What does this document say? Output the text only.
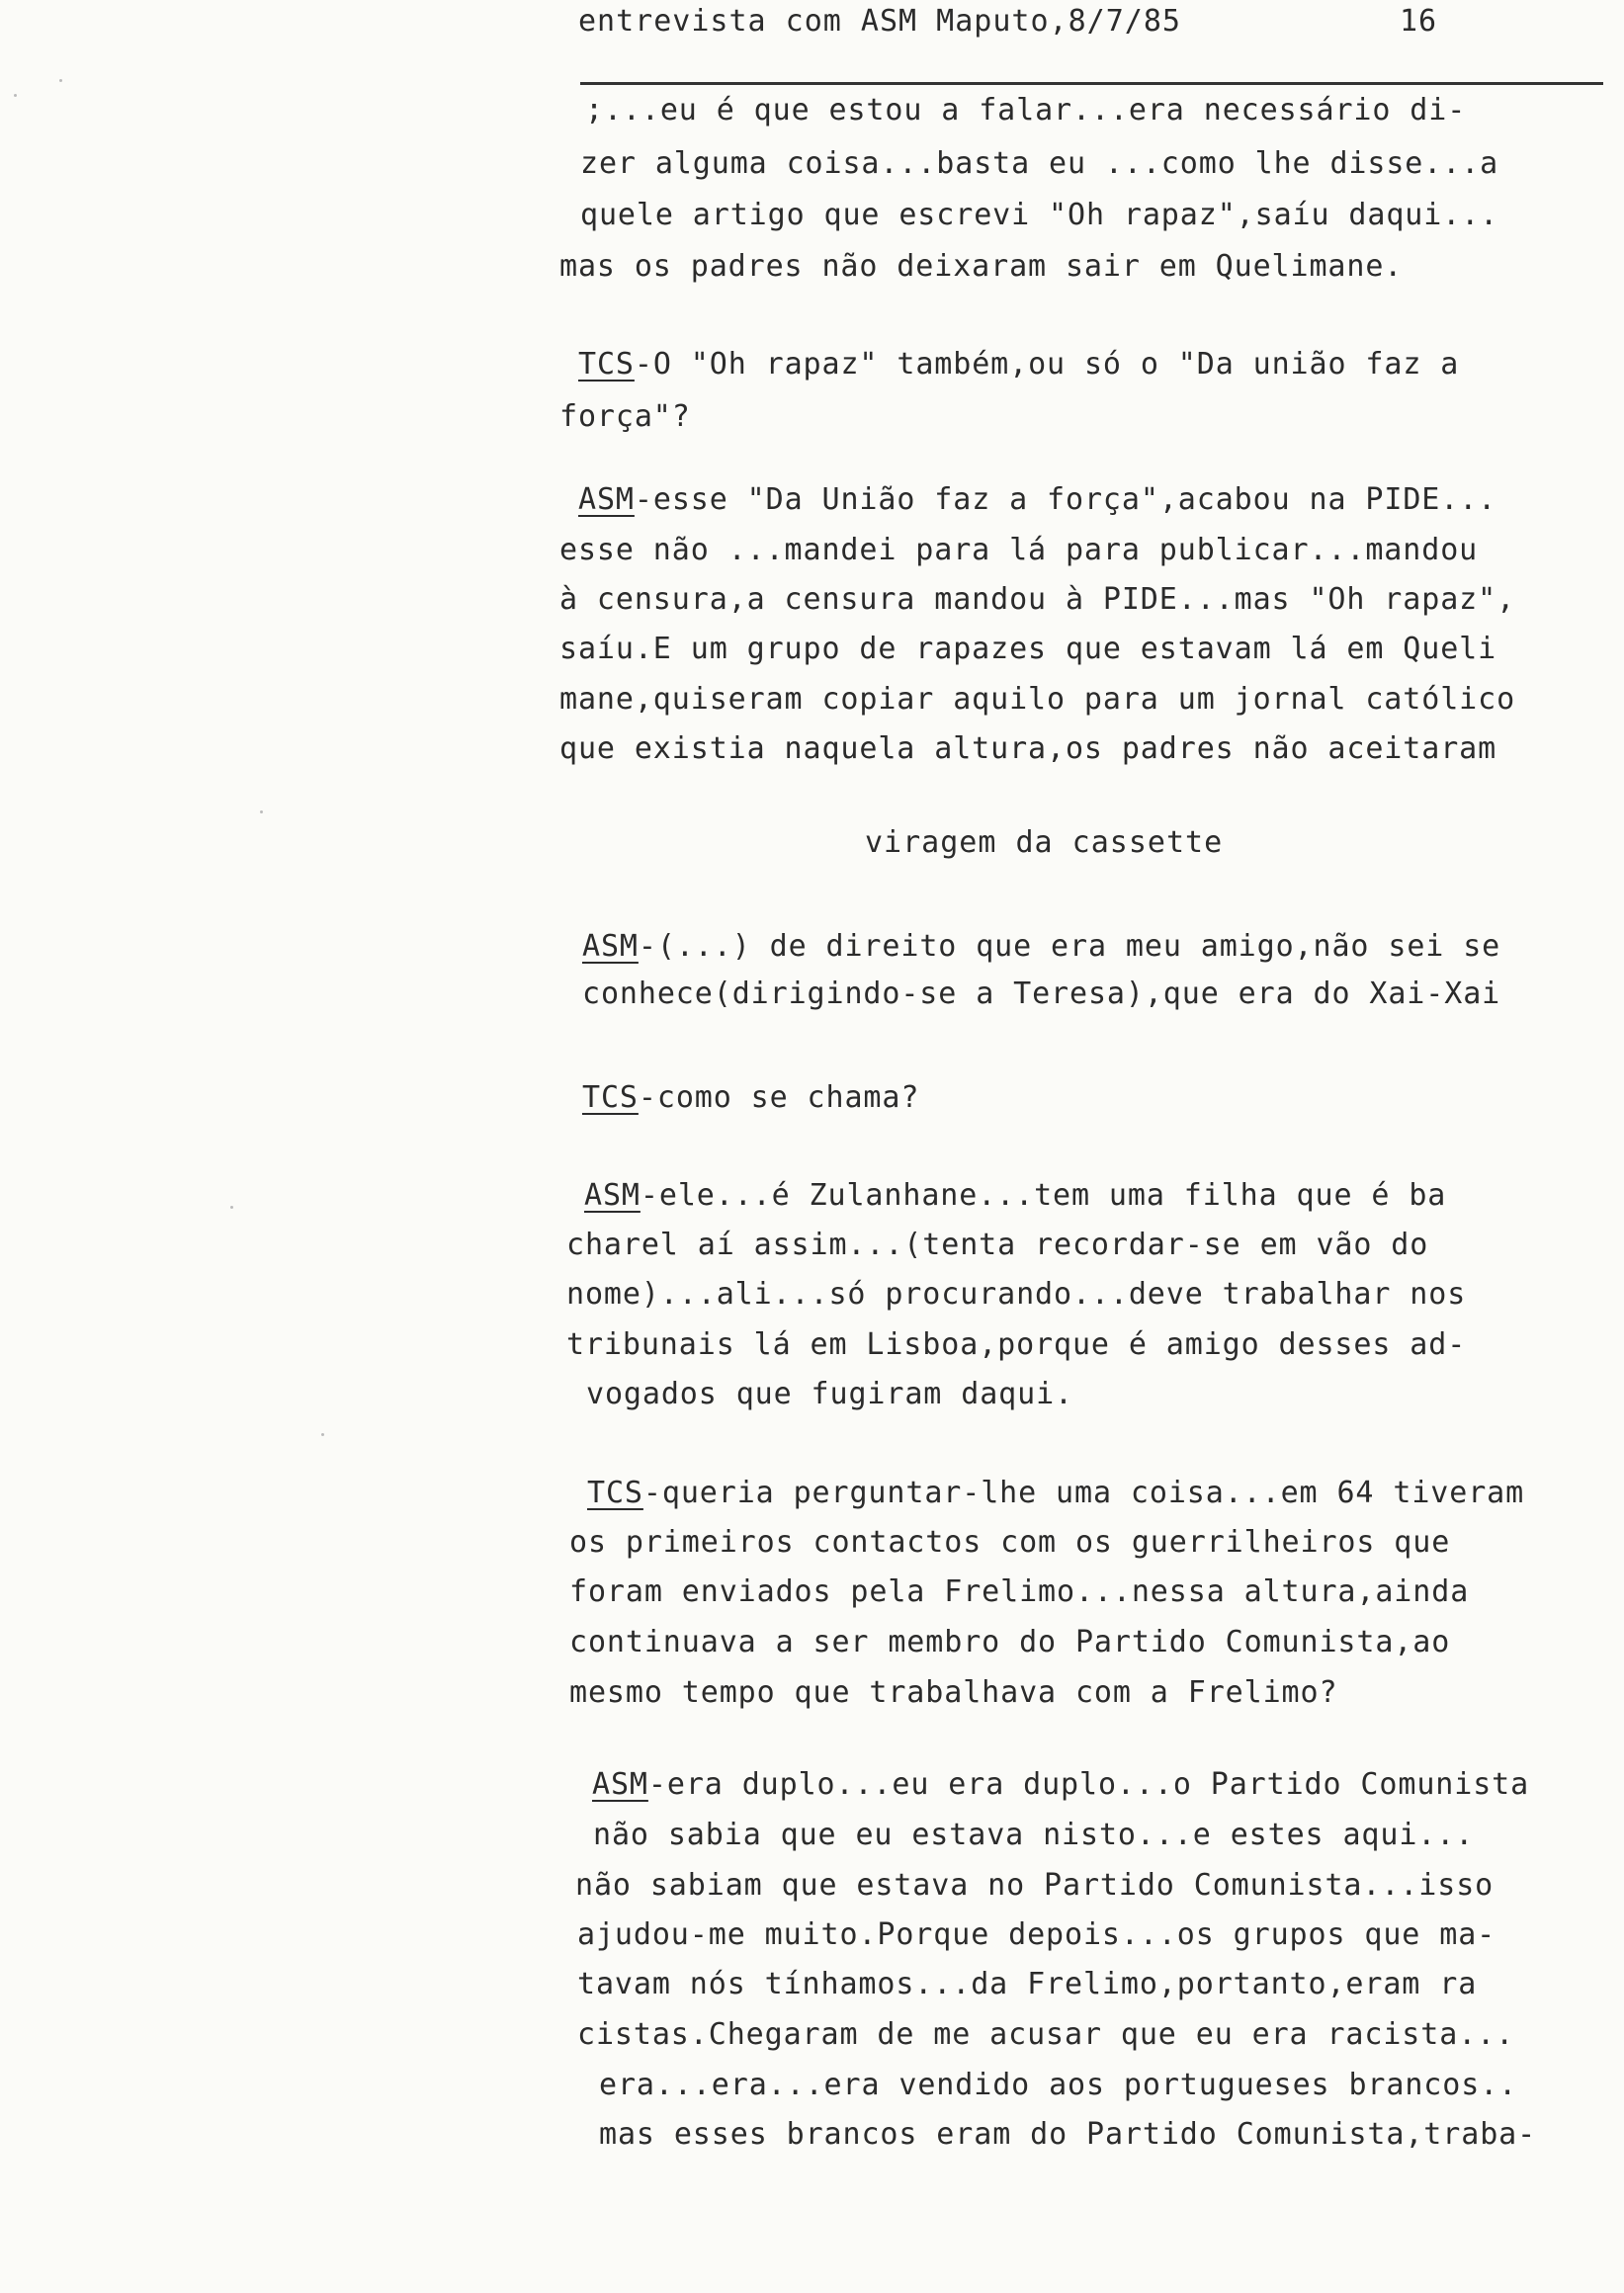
entrevista com ASM Maputo,8/7/85	16
;...eu é que estou a falar...era necessário di-
zer alguma coisa...basta eu ...como lhe disse...a
quele artigo que escrevi "Oh rapaz",saíu daqui...
mas os padres não deixaram sair em Quelimane.
TCS-O "Oh rapaz" também,ou só o "Da união faz a
força"?
ASM-esse "Da União faz a força",acabou na PIDE...
esse não ...mandei para lá para publicar...mandou
à censura,a censura mandou à PIDE...mas "Oh rapaz",
saíu.E um grupo de rapazes que estavam lá em Queli
mane,quiseram copiar aquilo para um jornal católico
que existia naquela altura,os padres não aceitaram
viragem da cassette
ASM-(...) de direito que era meu amigo,não sei se
conhece(dirigindo-se a Teresa),que era do Xai-Xai
TCS-como se chama?
ASM-ele...é Zulanhane...tem uma filha que é ba
charel aí assim...(tenta recordar-se em vão do
nome)...ali...só procurando...deve trabalhar nos
tribunais lá em Lisboa,porque é amigo desses ad-
vogados que fugiram daqui.
TCS-queria perguntar-lhe uma coisa...em 64 tiveram
os primeiros contactos com os guerrilheiros que
foram enviados pela Frelimo...nessa altura,ainda
continuava a ser membro do Partido Comunista,ao
mesmo tempo que trabalhava com a Frelimo?
ASM-era duplo...eu era duplo...o Partido Comunista
não sabia que eu estava nisto...e estes aqui...
não sabiam que estava no Partido Comunista...isso
ajudou-me muito.Porque depois...os grupos que ma-
tavam nós tínhamos...da Frelimo,portanto,eram ra
cistas.Chegaram de me acusar que eu era racista...
era...era...era vendido aos portugueses brancos..
mas esses brancos eram do Partido Comunista,traba-
